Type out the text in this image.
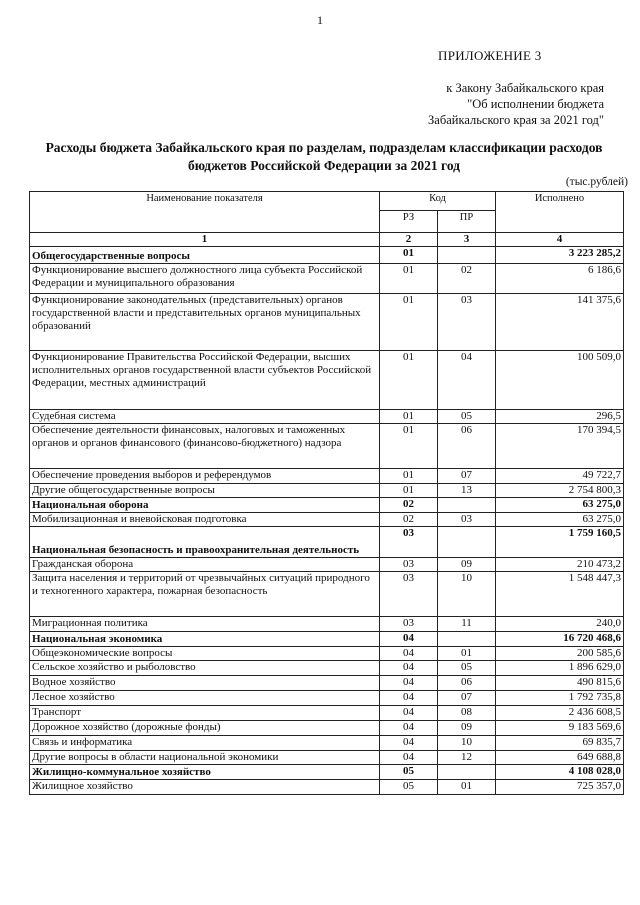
1
ПРИЛОЖЕНИЕ 3
к Закону Забайкальского края
"Об исполнении бюджета
Забайкальского края за 2021 год"
Расходы бюджета Забайкальского края по разделам, подразделам классификации расходов
бюджетов Российской Федерации за 2021 год
(тыс.рублей)
Наименование показателя	Код		Исполнено
	РЗ	ПР	
1	2	3	4
Общегосударственные вопросы	01		3 223 285,2
Функционирование высшего должностного лица субъекта Российской Федерации и муниципального образования	01	02	6 186,6
Функционирование законодательных (представительных) органов государственной власти и представительных органов муниципальных образований	01	03	141 375,6
Функционирование Правительства Российской Федерации, высших исполнительных органов государственной власти субъектов Российской Федерации, местных администраций	01	04	100 509,0
Судебная система	01	05	296,5
Обеспечение деятельности финансовых, налоговых и таможенных органов и органов финансового (финансово-бюджетного) надзора	01	06	170 394,5
Обеспечение проведения выборов и референдумов	01	07	49 722,7
Другие общегосударственные вопросы	01	13	2 754 800,3
Национальная оборона	02		63 275,0
Мобилизационная и вневойсковая подготовка	02	03	63 275,0
Национальная безопасность и правоохранительная деятельность	03		1 759 160,5
Гражданская оборона	03	09	210 473,2
Защита населения и территорий от чрезвычайных ситуаций природного и техногенного характера, пожарная безопасность	03	10	1 548 447,3
Миграционная политика	03	11	240,0
Национальная экономика	04		16 720 468,6
Общеэкономические вопросы	04	01	200 585,6
Сельское хозяйство и рыболовство	04	05	1 896 629,0
Водное хозяйство	04	06	490 815,6
Лесное хозяйство	04	07	1 792 735,8
Транспорт	04	08	2 436 608,5
Дорожное хозяйство (дорожные фонды)	04	09	9 183 569,6
Связь и информатика	04	10	69 835,7
Другие вопросы в области национальной экономики	04	12	649 688,8
Жилищно-коммунальное хозяйство	05		4 108 028,0
Жилищное хозяйство	05	01	725 357,0
